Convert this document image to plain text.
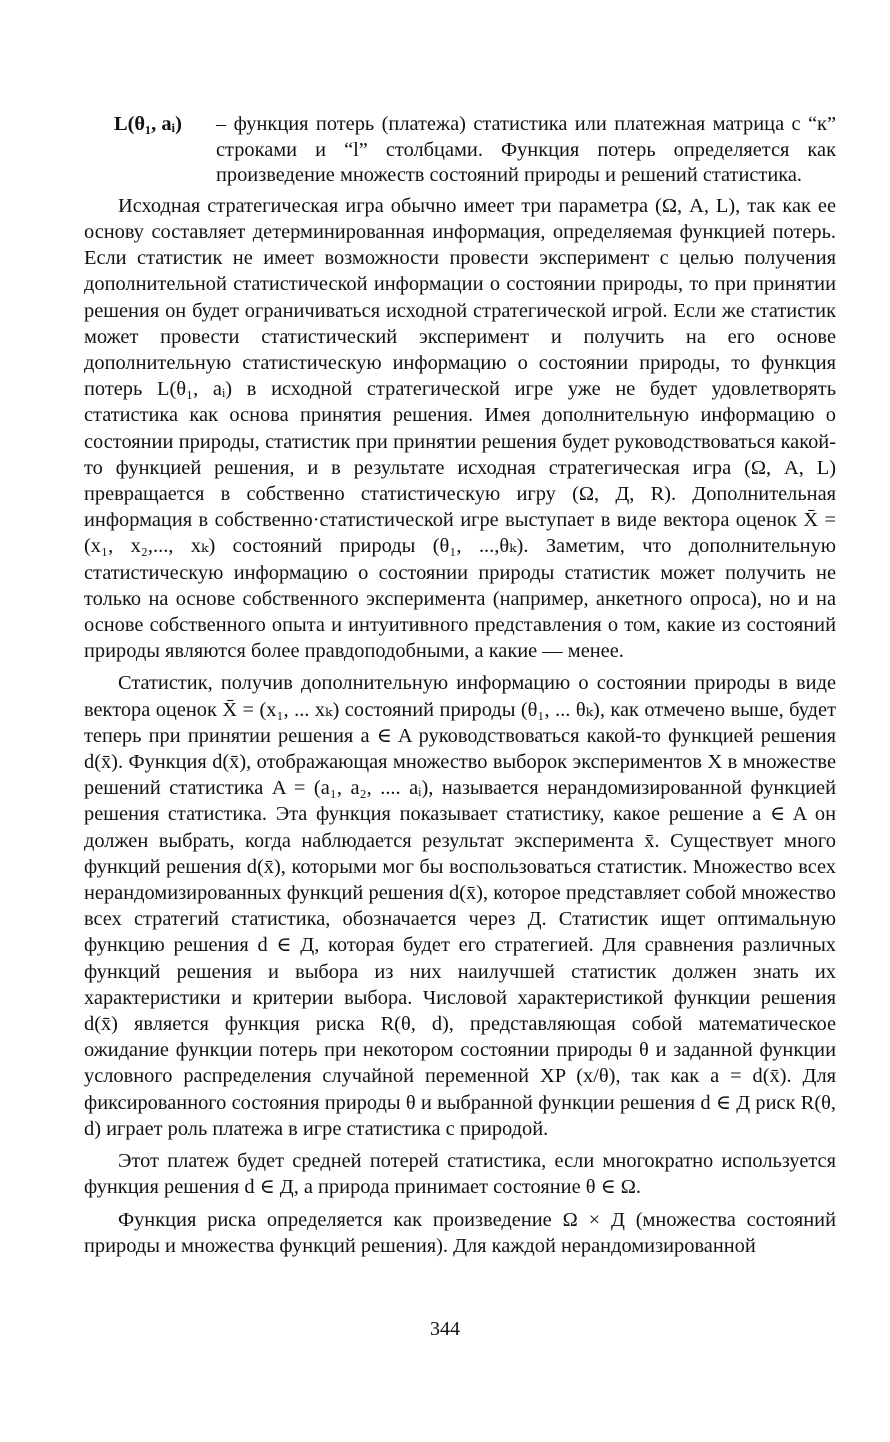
L(θ₁, aᵢ)	– функция потерь (платежа) статистика или платежная матрица с “к” строками и “l” столбцами. Функция потерь определяется как произведение множеств состояний природы и решений статистика.

Исходная стратегическая игра обычно имеет три параметра (Ω, A, L), так как ее основу составляет детерминированная информация, определяемая функцией потерь. Если статистик не имеет возможности провести эксперимент с целью получения дополнительной статистической информации о состоянии природы, то при принятии решения он будет ограничиваться исходной стратегической игрой. Если же статистик может провести статистический эксперимент и получить на его основе дополнительную статистическую информацию о состоянии природы, то функция потерь L(θ₁, aᵢ) в исходной стратегической игре уже не будет удовлетворять статистика как основа принятия решения. Имея дополнительную информацию о состоянии природы, статистик при принятии решения будет руководствоваться какой-то функцией решения, и в результате исходная стратегическая игра (Ω, A, L) превращается в собственно статистическую игру (Ω, Д, R). Дополнительная информация в собственно·статистической игре выступает в виде вектора оценок X̄ = (x₁, x₂,..., xₖ) состояний природы (θ₁, ...,θₖ). Заметим, что дополнительную статистическую информацию о состоянии природы статистик может получить не только на основе собственного эксперимента (например, анкетного опроса), но и на основе собственного опыта и интуитивного представления о том, какие из состояний природы являются более правдоподобными, а какие — менее.

Статистик, получив дополнительную информацию о состоянии природы в виде вектора оценок X̄ = (x₁, ... xₖ) состояний природы (θ₁, ... θₖ), как отмечено выше, будет теперь при принятии решения a ∈ A руководствоваться какой-то функцией решения d(x̄). Функция d(x̄), отображающая множество выборок экспериментов X в множестве решений статистика A = (a₁, a₂, .... aᵢ), называется нерандомизированной функцией решения статистика. Эта функция показывает статистику, какое решение a ∈ A он должен выбрать, когда наблюдается результат эксперимента x̄. Существует много функций решения d(x̄), которыми мог бы воспользоваться статистик. Множество всех нерандомизированных функций решения d(x̄), которое представляет собой множество всех стратегий статистика, обозначается через Д. Статистик ищет оптимальную функцию решения d ∈ Д, которая будет его стратегией. Для сравнения различных функций решения и выбора из них наилучшей статистик должен знать их характеристики и критерии выбора. Числовой характеристикой функции решения d(x̄) является функция риска R(θ, d), представляющая собой математическое ожидание функции потерь при некотором состоянии природы θ и заданной функции условного распределения случайной переменной XP (x/θ), так как a = d(x̄). Для фиксированного состояния природы θ и выбранной функции решения d ∈ Д риск R(θ, d) играет роль платежа в игре статистика с природой.

Этот платеж будет средней потерей статистика, если многократно используется функция решения d ∈ Д, а природа принимает состояние θ ∈ Ω.

Функция риска определяется как произведение Ω × Д (множества состояний природы и множества функций решения). Для каждой нерандомизированной

344
